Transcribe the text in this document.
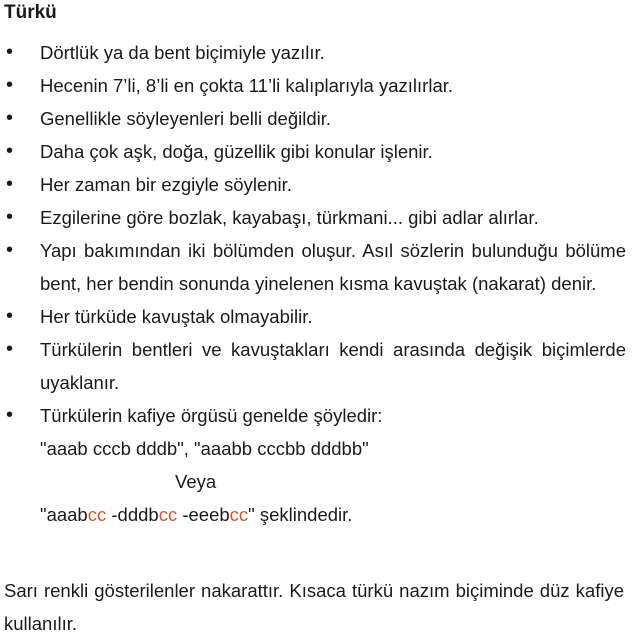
Türkü
• Dörtlük ya da bent biçimiyle yazılır.
• Hecenin 7’li, 8’li en çokta 11’li kalıplarıyla yazılırlar.
• Genellikle söyleyenleri belli değildir.
• Daha çok aşk, doğa, güzellik gibi konular işlenir.
• Her zaman bir ezgiyle söylenir.
• Ezgilerine göre bozlak, kayabaşı, türkmani... gibi adlar alırlar.
• Yapı bakımından iki bölümden oluşur. Asıl sözlerin bulunduğu bölüme bent, her bendin sonunda yinelenen kısma kavuştak (nakarat) denir.
• Her türküde kavuştak olmayabilir.
• Türkülerin bentleri ve kavuştakları kendi arasında değişik biçimlerde uyaklanır.
• Türkülerin kafiye örgüsü genelde şöyledir:
"aaab cccb dddb", "aaabb cccbb dddbb"
Veya
"aaabcc -dddbcc -eeebcc" şeklindedir.
Sarı renkli gösterilenler nakarattır. Kısaca türkü nazım biçiminde düz kafiye kullanılır.
